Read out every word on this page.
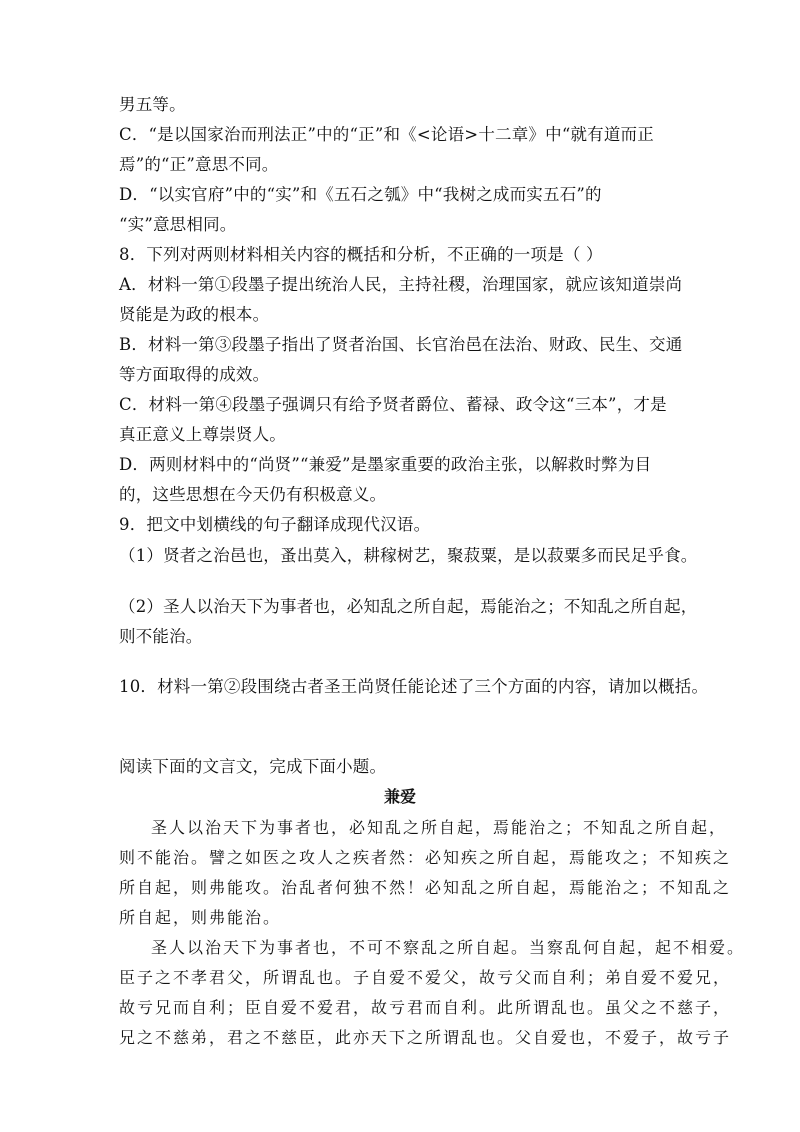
男五等。
C．“是以国家治而刑法正”中的“正”和《<论语>十二章》中“就有道而正
焉”的“正”意思不同。
D．“以实官府”中的“实”和《五石之瓠》中“我树之成而实五石”的
“实”意思相同。
8．下列对两则材料相关内容的概括和分析，不正确的一项是（ ）
A．材料一第①段墨子提出统治人民，主持社稷，治理国家，就应该知道崇尚
贤能是为政的根本。
B．材料一第③段墨子指出了贤者治国、长官治邑在法治、财政、民生、交通
等方面取得的成效。
C．材料一第④段墨子强调只有给予贤者爵位、蓄禄、政令这“三本”，才是
真正意义上尊崇贤人。
D．两则材料中的“尚贤”“兼爱”是墨家重要的政治主张，以解救时弊为目
的，这些思想在今天仍有积极意义。
9．把文中划横线的句子翻译成现代汉语。
（1）贤者之治邑也，蚤出莫入，耕稼树艺，聚菽粟，是以菽粟多而民足乎食。
（2）圣人以治天下为事者也，必知乱之所自起，焉能治之；不知乱之所自起，
则不能治。
10．材料一第②段围绕古者圣王尚贤任能论述了三个方面的内容，请加以概括。
阅读下面的文言文，完成下面小题。
兼爱
圣人以治天下为事者也，必知乱之所自起，焉能治之；不知乱之所自起，
则不能治。譬之如医之攻人之疾者然：必知疾之所自起，焉能攻之；不知疾之
所自起，则弗能攻。治乱者何独不然！必知乱之所自起，焉能治之；不知乱之
所自起，则弗能治。
圣人以治天下为事者也，不可不察乱之所自起。当察乱何自起，起不相爱。
臣子之不孝君父，所谓乱也。子自爱不爱父，故亏父而自利；弟自爱不爱兄，
故亏兄而自利；臣自爱不爱君，故亏君而自利。此所谓乱也。虽父之不慈子，
兄之不慈弟，君之不慈臣，此亦天下之所谓乱也。父自爱也，不爱子，故亏子
